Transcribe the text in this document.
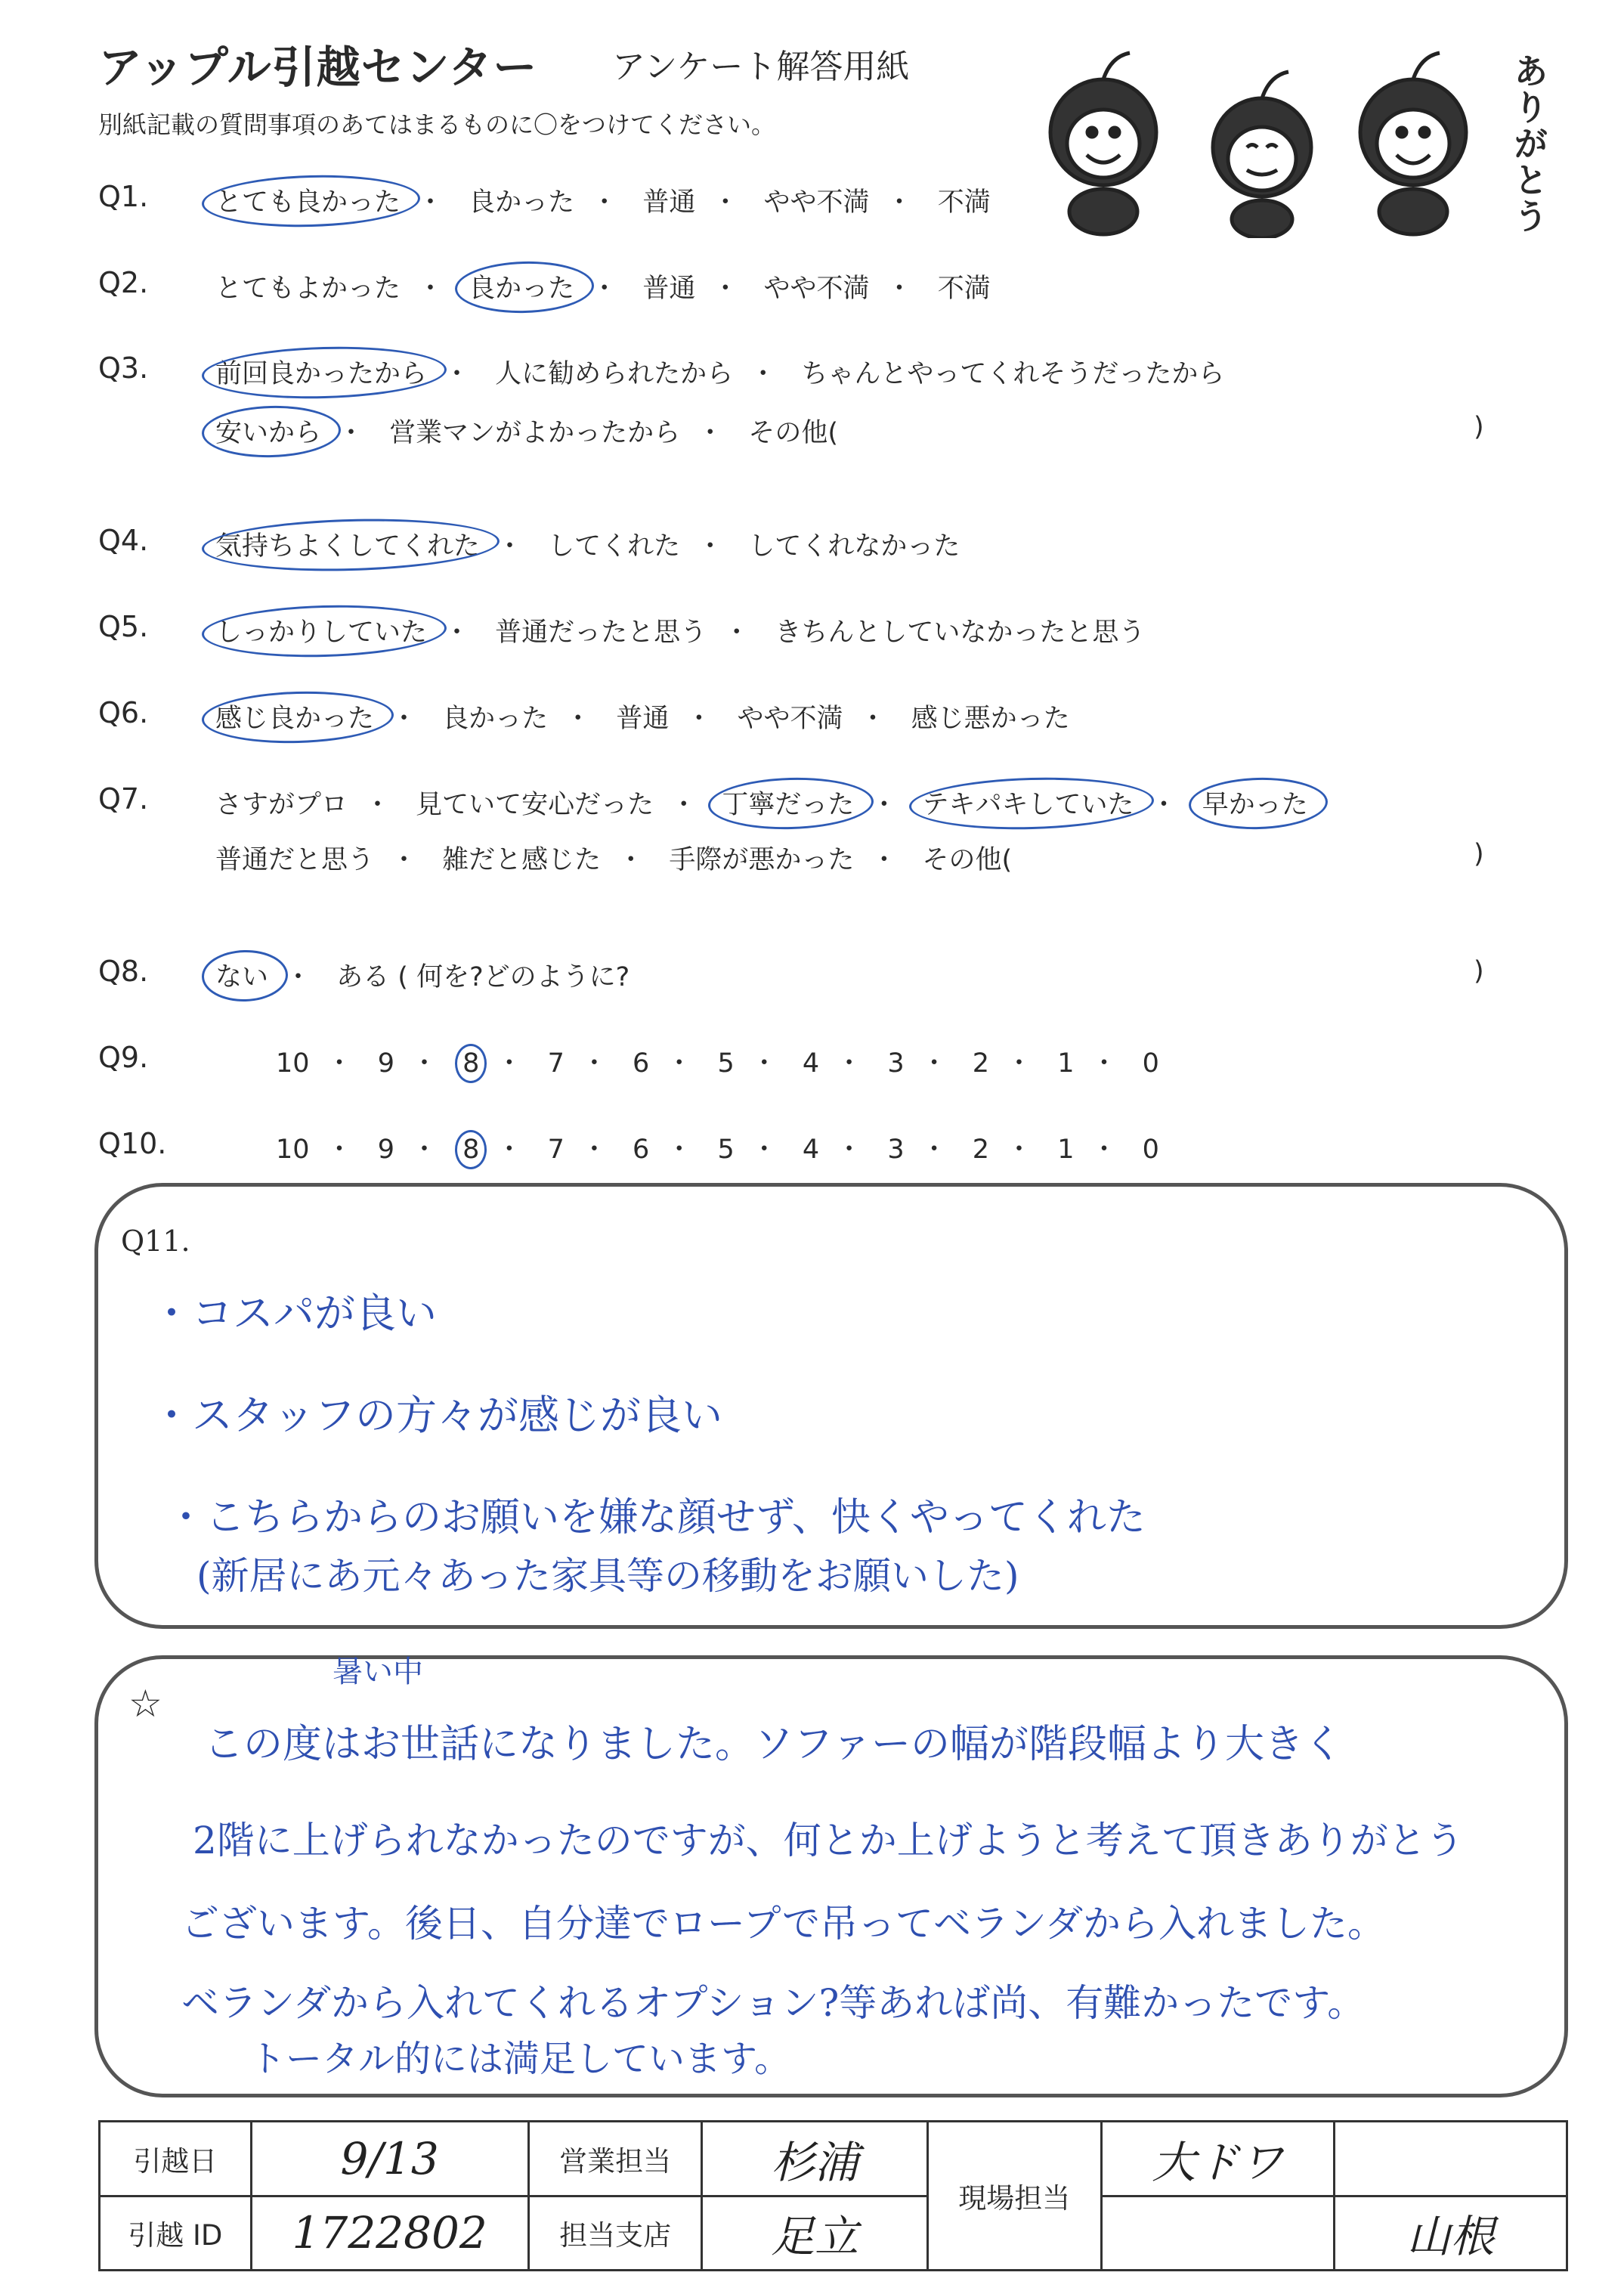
アップル引越センター アンケート解答用紙
別紙記載の質問事項のあてはまるものに〇をつけてください。	ありがとう
Q1.	とても良かった ・ 良かった ・ 普通 ・ やや不満 ・ 不満
Q2.	とてもよかった ・ 良かった ・ 普通 ・ やや不満 ・ 不満
Q3.	前回良かったから ・ 人に勧められたから ・ ちゃんとやってくれそうだったから
安いから ・ 営業マンがよかったから ・ その他(	)
Q4.	気持ちよくしてくれた ・ してくれた ・ してくれなかった
Q5.	しっかりしていた ・ 普通だったと思う ・ きちんとしていなかったと思う
Q6.	感じ良かった ・ 良かった ・ 普通 ・ やや不満 ・ 感じ悪かった
Q7.	さすがプロ ・ 見ていて安心だった ・ 丁寧だった ・ テキパキしていた ・ 早かった
普通だと思う ・ 雑だと感じた ・ 手際が悪かった ・ その他(	)
Q8.	ない ・ ある ( 何を?どのように?	)
Q9.	10 ・ 9 ・ 8 ・ 7 ・ 6 ・ 5 ・ 4 ・ 3 ・ 2 ・ 1 ・ 0
Q10.	10 ・ 9 ・ 8 ・ 7 ・ 6 ・ 5 ・ 4 ・ 3 ・ 2 ・ 1 ・ 0
Q11.
・コスパが良い
・スタッフの方々が感じが良い
・こちらからのお願いを嫌な顔せず、快くやってくれた
(新居にあ元々あった家具等の移動をお願いした)
☆
暑い中
この度はお世話になりました。ソファーの幅が階段幅より大きく
2階に上げられなかったのですが、何とか上げようと考えて頂きありがとう
ございます。後日、自分達でロープで吊ってベランダから入れました。
ベランダから入れてくれるオプション?等あれば尚、有難かったです。
トータル的には満足しています。
引越日	9/13	営業担当	杉浦	現場担当	大ドワ	
引越 ID	1722802	担当支店	足立			山根
